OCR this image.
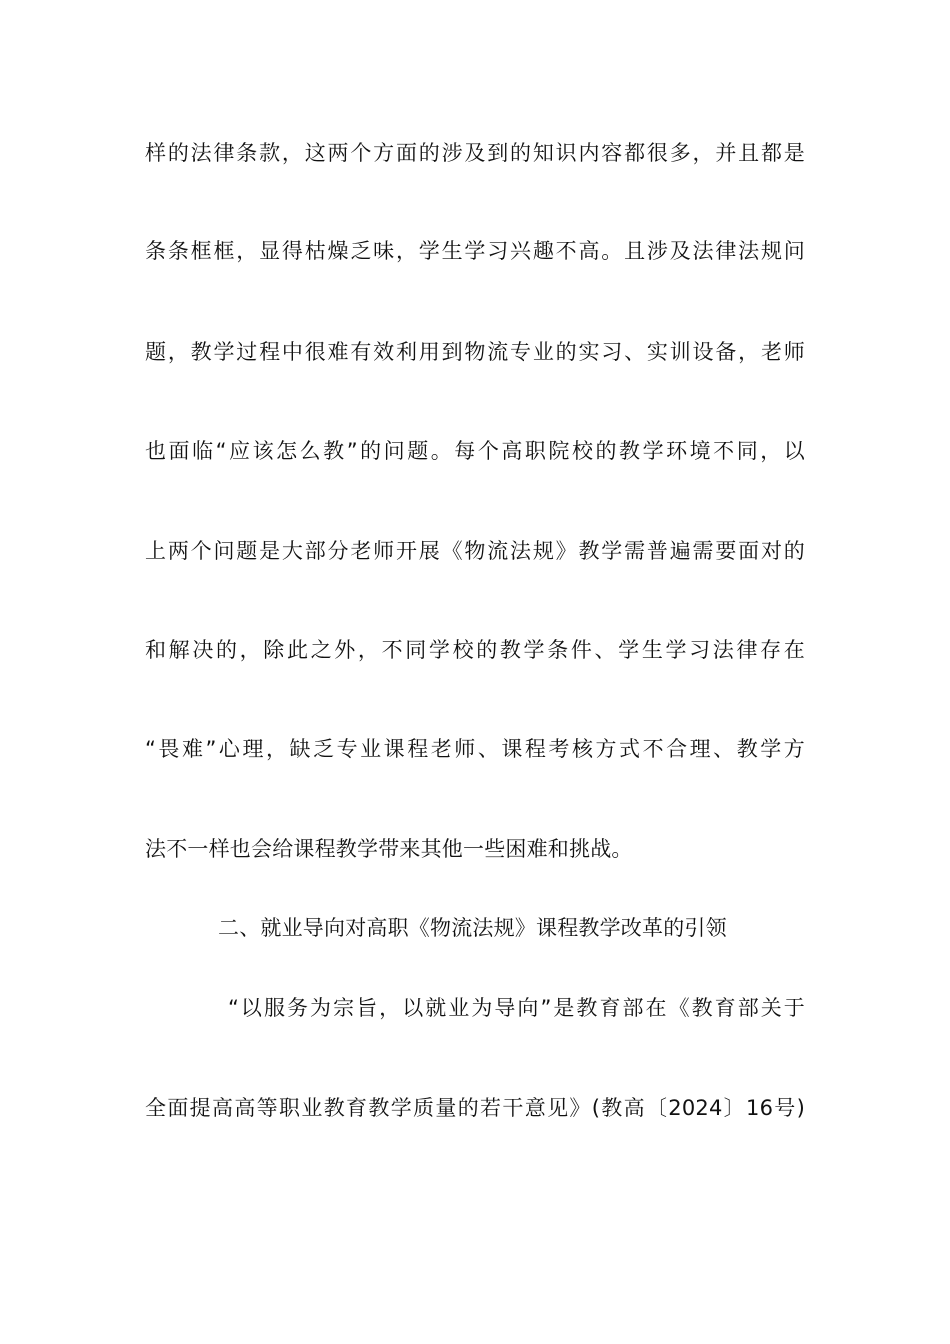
样的法律条款，这两个方面的涉及到的知识内容都很多，并且都是
条条框框，显得枯燥乏味，学生学习兴趣不高。且涉及法律法规问
题，教学过程中很难有效利用到物流专业的实习、实训设备，老师
也面临“应该怎么教”的问题。每个高职院校的教学环境不同，以
上两个问题是大部分老师开展《物流法规》教学需普遍需要面对的
和解决的，除此之外，不同学校的教学条件、学生学习法律存在
“畏难”心理，缺乏专业课程老师、课程考核方式不合理、教学方
法不一样也会给课程教学带来其他一些困难和挑战。
二、就业导向对高职《物流法规》课程教学改革的引领
“以服务为宗旨，以就业为导向”是教育部在《教育部关于
全面提高高等职业教育教学质量的若干意见》(教高〔2024〕16号)
